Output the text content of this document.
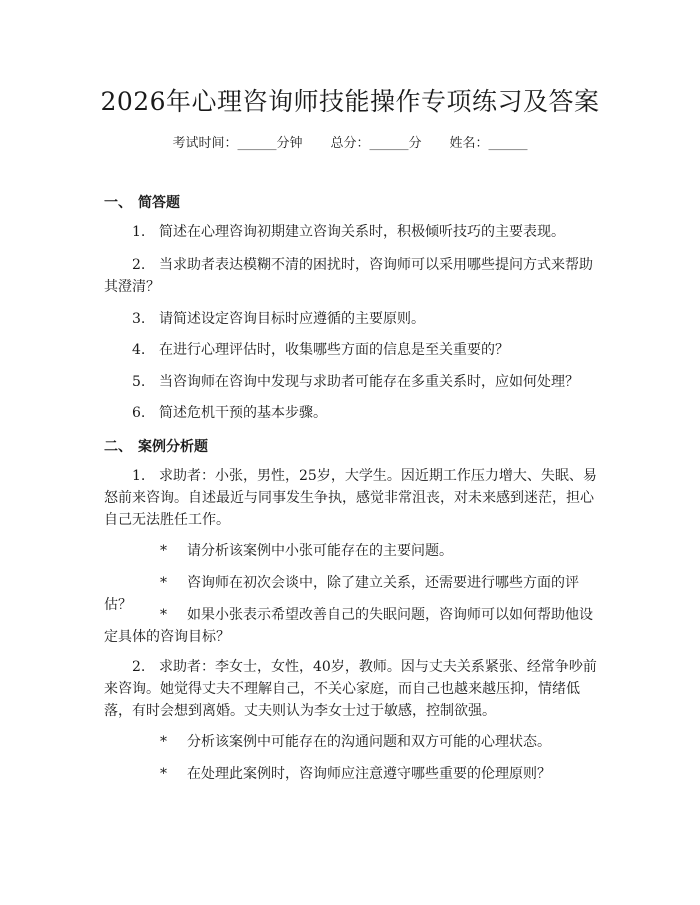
2026年心理咨询师技能操作专项练习及答案
考试时间：______分钟 总分：______分 姓名：______
一、 简答题
1. 简述在心理咨询初期建立咨询关系时，积极倾听技巧的主要表现。
2. 当求助者表达模糊不清的困扰时，咨询师可以采用哪些提问方式来帮助其澄清？
3. 请简述设定咨询目标时应遵循的主要原则。
4. 在进行心理评估时，收集哪些方面的信息是至关重要的？
5. 当咨询师在咨询中发现与求助者可能存在多重关系时，应如何处理？
6. 简述危机干预的基本步骤。
二、 案例分析题
1. 求助者：小张，男性，25岁，大学生。因近期工作压力增大、失眠、易怒前来咨询。自述最近与同事发生争执，感觉非常沮丧，对未来感到迷茫，担心自己无法胜任工作。
* 请分析该案例中小张可能存在的主要问题。
* 咨询师在初次会谈中，除了建立关系，还需要进行哪些方面的评估？
* 如果小张表示希望改善自己的失眠问题，咨询师可以如何帮助他设定具体的咨询目标？
2. 求助者：李女士，女性，40岁，教师。因与丈夫关系紧张、经常争吵前来咨询。她觉得丈夫不理解自己，不关心家庭，而自己也越来越压抑，情绪低落，有时会想到离婚。丈夫则认为李女士过于敏感，控制欲强。
* 分析该案例中可能存在的沟通问题和双方可能的心理状态。
* 在处理此案例时，咨询师应注意遵守哪些重要的伦理原则？
